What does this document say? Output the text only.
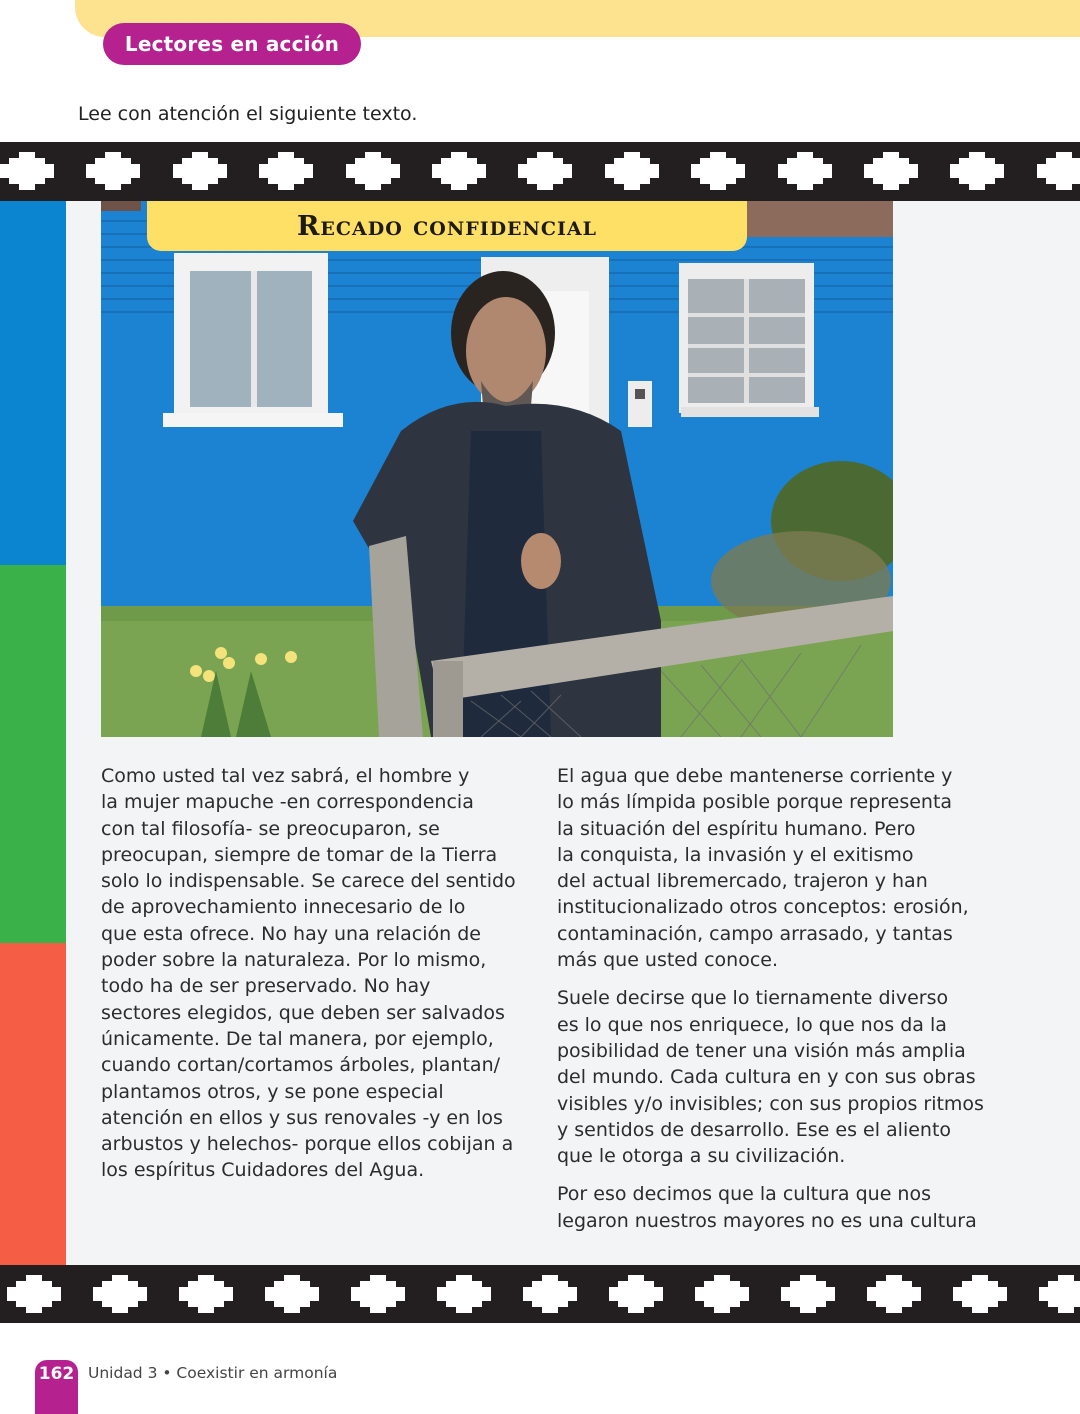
Lectores en acción
Lee con atención el siguiente texto.
Recado confidencial

Como usted tal vez sabrá, el hombre y
la mujer mapuche -en correspondencia
con tal filosofía- se preocuparon, se
preocupan, siempre de tomar de la Tierra
solo lo indispensable. Se carece del sentido
de aprovechamiento innecesario de lo
que esta ofrece. No hay una relación de
poder sobre la naturaleza. Por lo mismo,
todo ha de ser preservado. No hay
sectores elegidos, que deben ser salvados
únicamente. De tal manera, por ejemplo,
cuando cortan/cortamos árboles, plantan/
plantamos otros, y se pone especial
atención en ellos y sus renovales -y en los
arbustos y helechos- porque ellos cobijan a
los espíritus Cuidadores del Agua.

El agua que debe mantenerse corriente y
lo más límpida posible porque representa
la situación del espíritu humano. Pero
la conquista, la invasión y el exitismo
del actual libremercado, trajeron y han
institucionalizado otros conceptos: erosión,
contaminación, campo arrasado, y tantas
más que usted conoce.

Suele decirse que lo tiernamente diverso
es lo que nos enriquece, lo que nos da la
posibilidad de tener una visión más amplia
del mundo. Cada cultura en y con sus obras
visibles y/o invisibles; con sus propios ritmos
y sentidos de desarrollo. Ese es el aliento
que le otorga a su civilización.

Por eso decimos que la cultura que nos
legaron nuestros mayores no es una cultura

162 Unidad 3 • Coexistir en armonía
